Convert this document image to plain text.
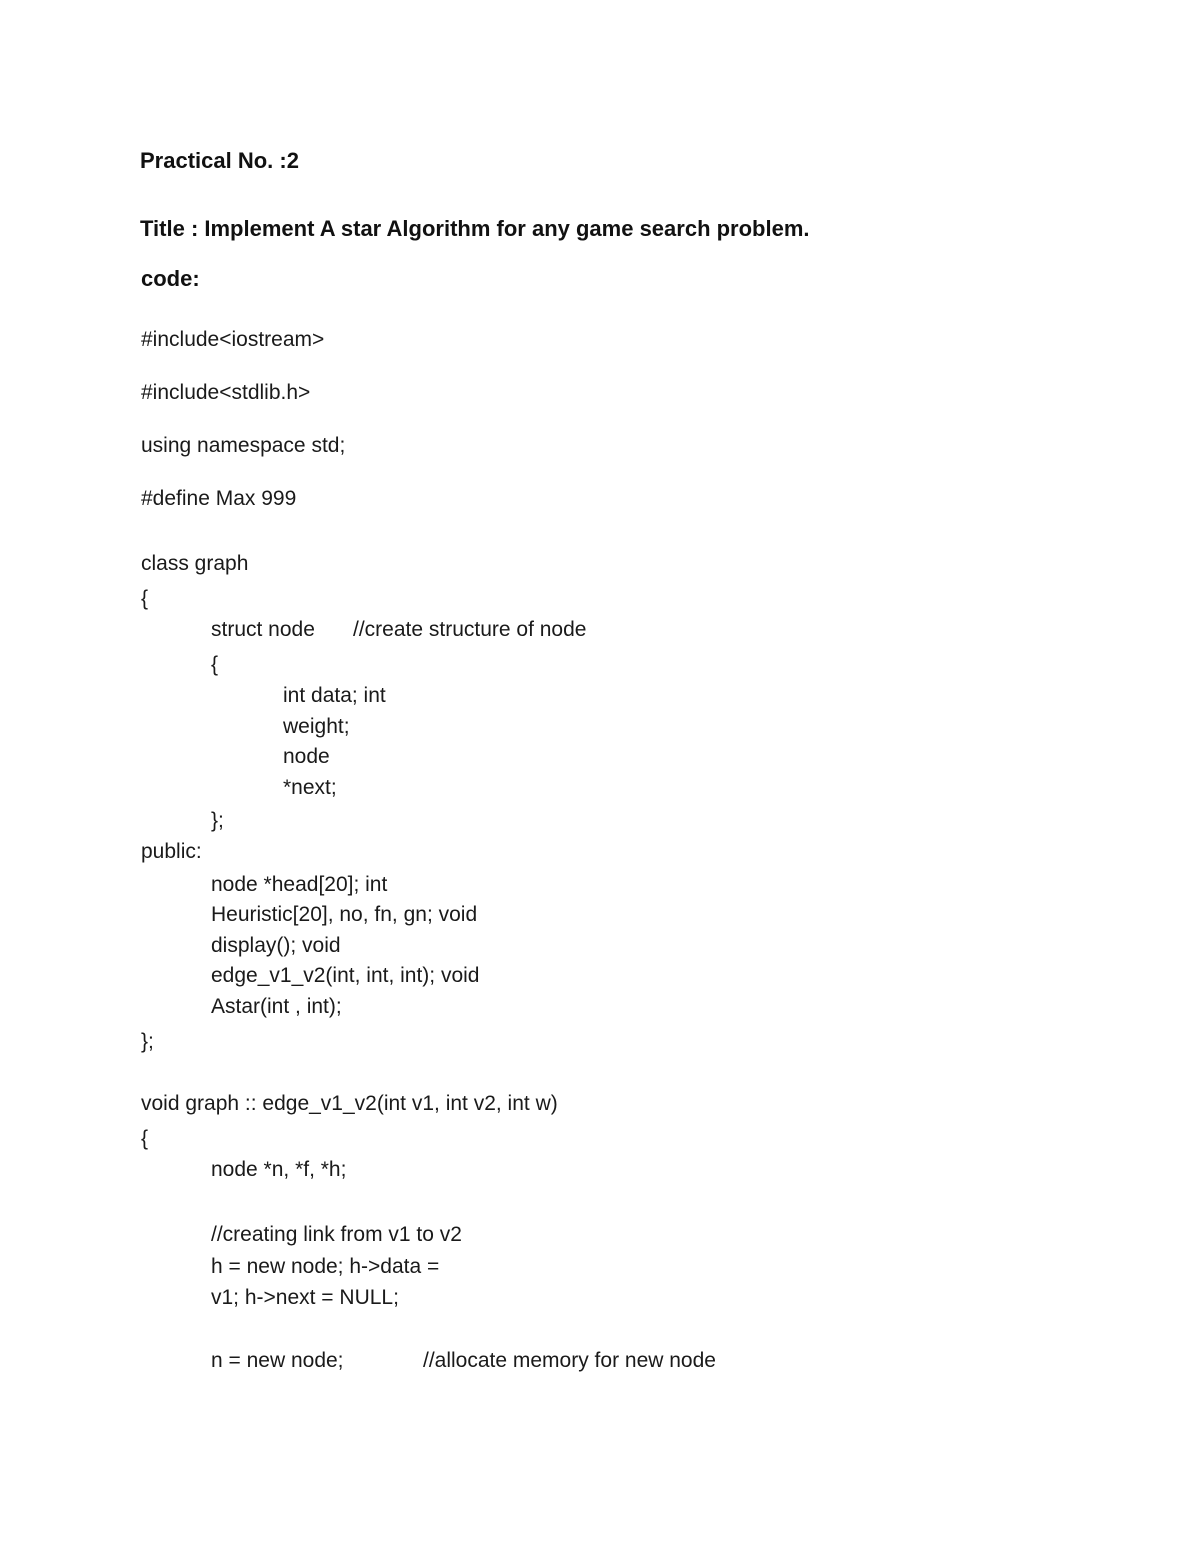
Practical No. :2
Title : Implement A star Algorithm for any game search problem.
code:
#include<iostream>
#include<stdlib.h>
using namespace std;
#define Max 999
class graph
{
struct node //create structure of node
{
int data; int
weight;
node
*next;
};
public:
node *head[20]; int
Heuristic[20], no, fn, gn; void
display(); void
edge_v1_v2(int, int, int); void
Astar(int , int);
};
void graph :: edge_v1_v2(int v1, int v2, int w)
{
node *n, *f, *h;
//creating link from v1 to v2
h = new node; h->data =
v1; h->next = NULL;
n = new node;	//allocate memory for new node
